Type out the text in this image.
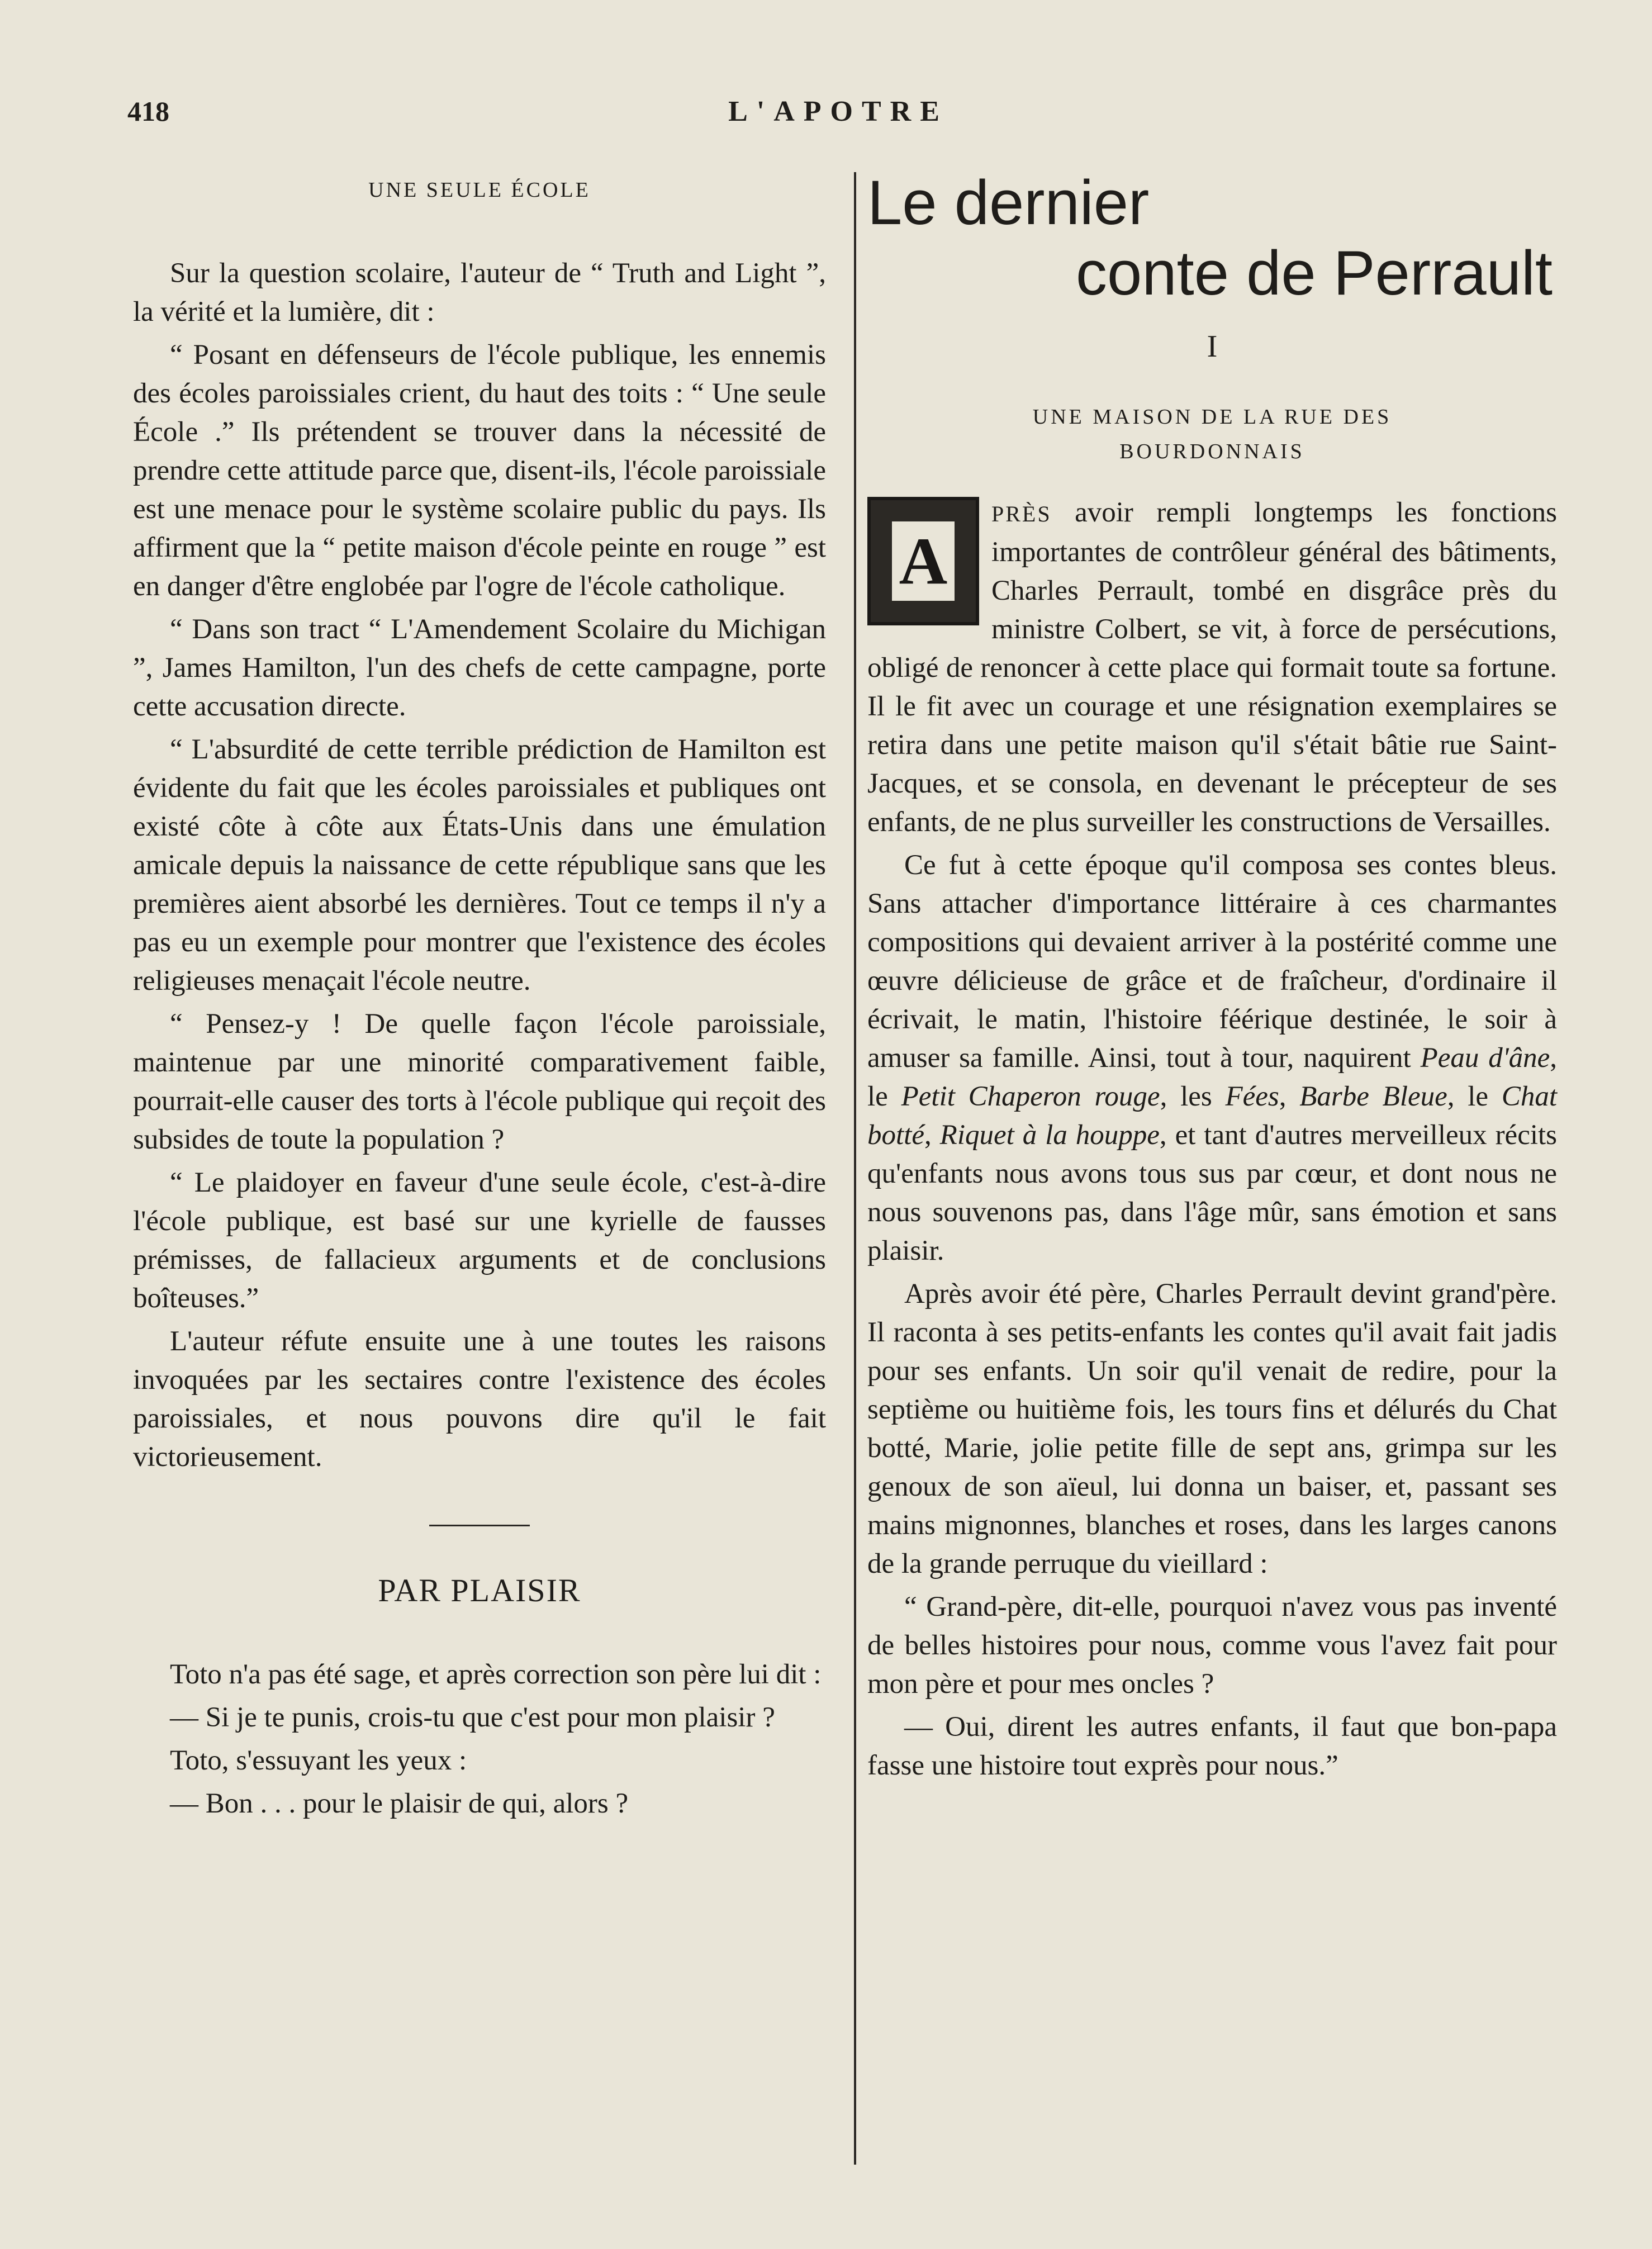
418	L'APOTRE
UNE SEULE ÉCOLE

Sur la question scolaire, l'auteur de “ Truth and Light ”, la vérité et la lumière, dit :

“ Posant en défenseurs de l'école publique, les ennemis des écoles paroissiales crient, du haut des toits : “ Une seule École .” Ils prétendent se trouver dans la nécessité de prendre cette attitude parce que, disent-ils, l'école paroissiale est une menace pour le système scolaire public du pays. Ils affirment que la “ petite maison d'école peinte en rouge ” est en danger d'être englobée par l'ogre de l'école catholique.

“ Dans son tract “ L'Amendement Scolaire du Michigan ”, James Hamilton, l'un des chefs de cette campagne, porte cette accusation directe.

“ L'absurdité de cette terrible prédiction de Hamilton est évidente du fait que les écoles paroissiales et publiques ont existé côte à côte aux États-Unis dans une émulation amicale depuis la naissance de cette république sans que les premières aient absorbé les dernières. Tout ce temps il n'y a pas eu un exemple pour montrer que l'existence des écoles religieuses menaçait l'école neutre.

“ Pensez-y ! De quelle façon l'école paroissiale, maintenue par une minorité comparativement faible, pourrait-elle causer des torts à l'école publique qui reçoit des subsides de toute la population ?

“ Le plaidoyer en faveur d'une seule école, c'est-à-dire l'école publique, est basé sur une kyrielle de fausses prémisses, de fallacieux arguments et de conclusions boîteuses.”

L'auteur réfute ensuite une à une toutes les raisons invoquées par les sectaires contre l'existence des écoles paroissiales, et nous pouvons dire qu'il le fait victorieusement.

PAR PLAISIR

Toto n'a pas été sage, et après correction son père lui dit :

— Si je te punis, crois-tu que c'est pour mon plaisir ?

Toto, s'essuyant les yeux :

— Bon . . . pour le plaisir de qui, alors ?

Le dernier
conte de Perrault
I
UNE MAISON DE LA RUE DES
BOURDONNAIS

A
PRÈS avoir rempli longtemps les fonctions importantes de contrôleur général des bâtiments, Charles Perrault, tombé en disgrâce près du ministre Colbert, se vit, à force de persécutions, obligé de renoncer à cette place qui formait toute sa fortune. Il le fit avec un courage et une résignation exemplaires se retira dans une petite maison qu'il s'était bâtie rue Saint-Jacques, et se consola, en devenant le précepteur de ses enfants, de ne plus surveiller les constructions de Versailles.

Ce fut à cette époque qu'il composa ses contes bleus. Sans attacher d'importance littéraire à ces charmantes compositions qui devaient arriver à la postérité comme une œuvre délicieuse de grâce et de fraîcheur, d'ordinaire il écrivait, le matin, l'histoire féérique destinée, le soir à amuser sa famille. Ainsi, tout à tour, naquirent Peau d'âne, le Petit Chaperon rouge, les Fées, Barbe Bleue, le Chat botté, Riquet à la houppe, et tant d'autres merveilleux récits qu'enfants nous avons tous sus par cœur, et dont nous ne nous souvenons pas, dans l'âge mûr, sans émotion et sans plaisir.

Après avoir été père, Charles Perrault devint grand'père. Il raconta à ses petits-enfants les contes qu'il avait fait jadis pour ses enfants. Un soir qu'il venait de redire, pour la septième ou huitième fois, les tours fins et délurés du Chat botté, Marie, jolie petite fille de sept ans, grimpa sur les genoux de son aïeul, lui donna un baiser, et, passant ses mains mignonnes, blanches et roses, dans les larges canons de la grande perruque du vieillard :

“ Grand-père, dit-elle, pourquoi n'avez vous pas inventé de belles histoires pour nous, comme vous l'avez fait pour mon père et pour mes oncles ?

— Oui, dirent les autres enfants, il faut que bon-papa fasse une histoire tout exprès pour nous.”
